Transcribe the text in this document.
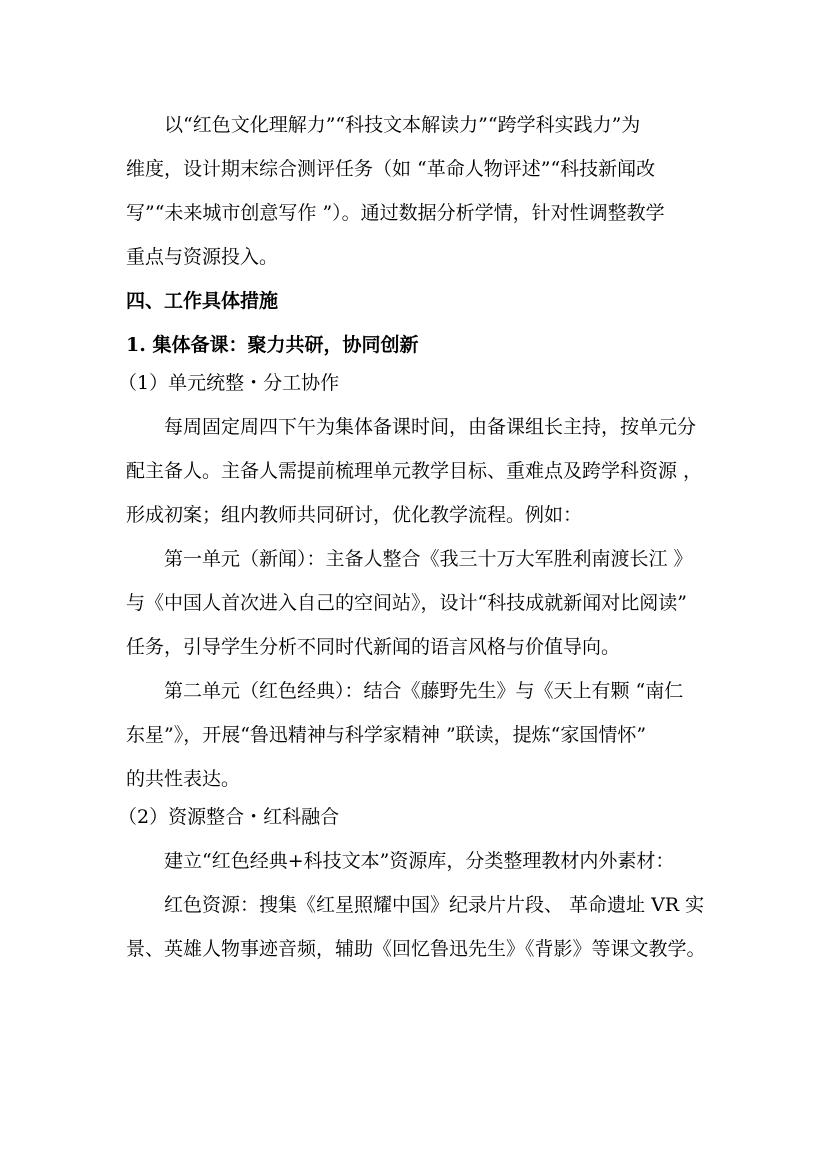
以“红色文化理解力”“科技文本解读力”“跨学科实践力”为
维度，设计期末综合测评任务（如 “革命人物评述”“科技新闻改
写”“未来城市创意写作 ”）。通过数据分析学情，针对性调整教学
重点与资源投入。
四、工作具体措施
1. 集体备课：聚力共研，协同创新
（1）单元统整・分工协作
每周固定周四下午为集体备课时间，由备课组长主持，按单元分
配主备人。主备人需提前梳理单元教学目标、重难点及跨学科资源 ，
形成初案；组内教师共同研讨，优化教学流程。例如：
第一单元（新闻）：主备人整合《我三十万大军胜利南渡长江 》
与《中国人首次进入自己的空间站》，设计“科技成就新闻对比阅读”
任务，引导学生分析不同时代新闻的语言风格与价值导向。
第二单元（红色经典）：结合《藤野先生》与《天上有颗 “南仁
东星”》，开展“鲁迅精神与科学家精神 ”联读，提炼“家国情怀”
的共性表达。
（2）资源整合・红科融合
建立“红色经典+科技文本”资源库，分类整理教材内外素材：
红色资源：搜集《红星照耀中国》纪录片片段、 革命遗址 VR 实
景、英雄人物事迹音频，辅助《回忆鲁迅先生》《背影》等课文教学。
